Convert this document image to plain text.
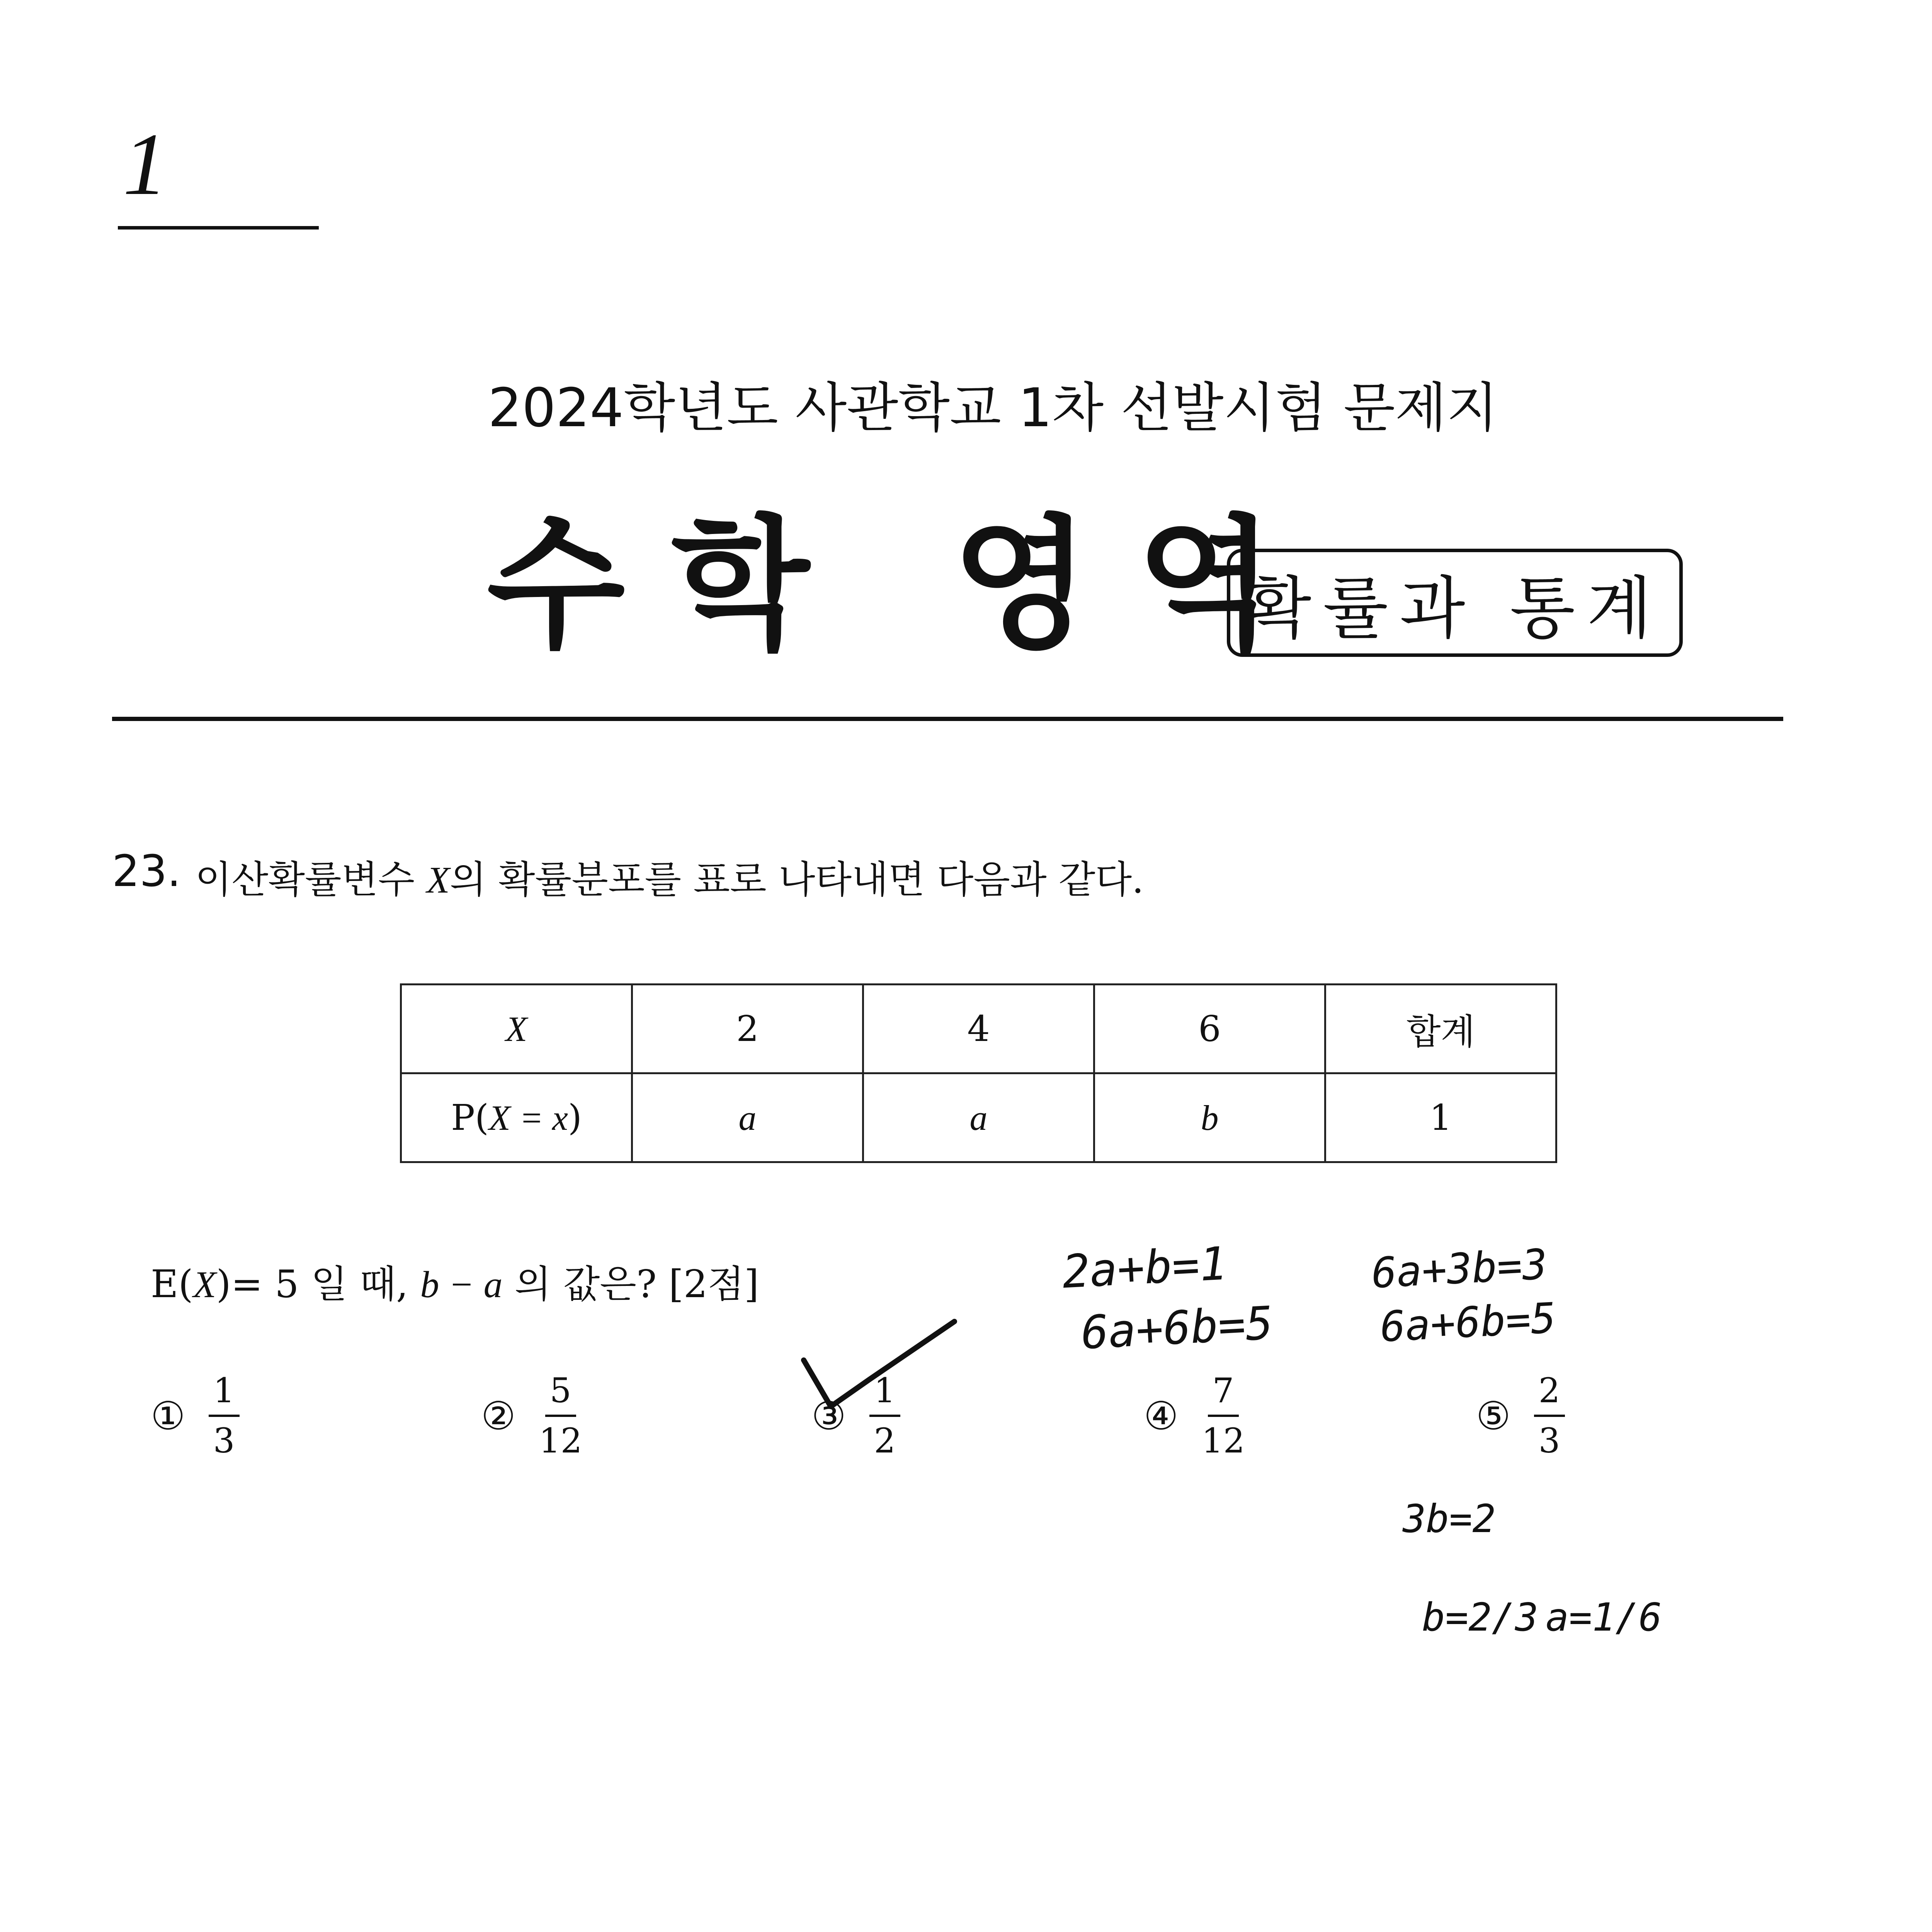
1
2024학년도 사관학교 1차 선발시험 문제지
수학 영역
확률과 통계
23. 이산확률변수 X의 확률분포를 표로 나타내면 다음과 같다.
X	2	4	6	합계
P(X = x)	a	a	b	1
E(X)= 5 일 때, b − a 의 값은? [2점]
① $\frac{1}{3}$	② $\frac{5}{12}$	③ $\frac{1}{2}$	④ $\frac{7}{12}$	⑤ $\frac{2}{3}$
2a+b=1
6a+6b=5
6a+3b=3
6a+6b=5
3b=2
b=2/3 a=1/6
